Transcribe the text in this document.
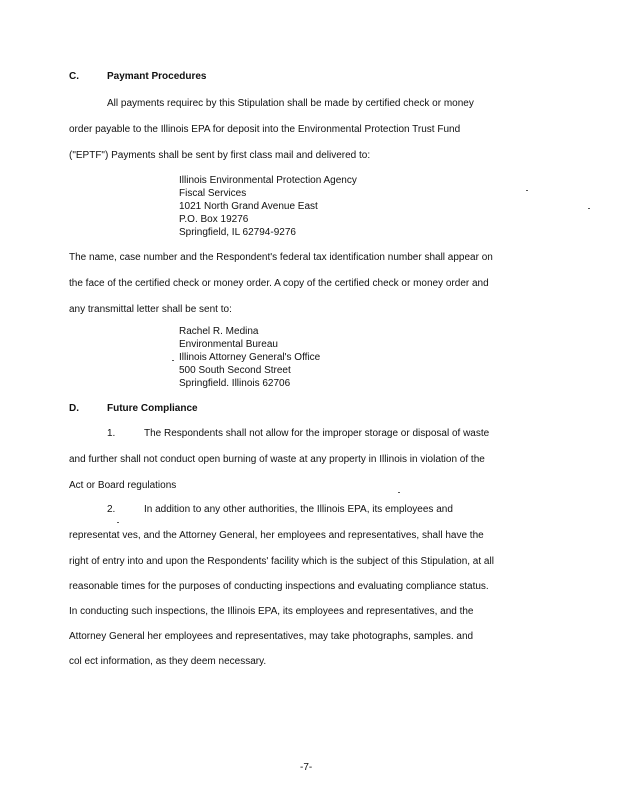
C.	Paymant Procedures
All payments requirec by this Stipulation shall be made by certified check or money
order payable to the Illinois EPA for deposit into the Environmental Protection Trust Fund
("EPTF") Payments shall be sent by first class mail and delivered to:
Illinois Environmental Protection Agency
Fiscal Services
1021 North Grand Avenue East
P.O. Box 19276
Springfield, IL 62794-9276
The name, case number and the Respondent's federal tax identification number shall appear on
the face of the certified check or money order. A copy of the certified check or money order and
any transmittal letter shall be sent to:
Rachel R. Medina
Environmental Bureau
Illinois Attorney General's Office
500 South Second Street
Springfield. Illinois 62706
D.	Future Compliance
1.	The Respondents shall not allow for the improper storage or disposal of waste
and further shall not conduct open burning of waste at any property in Illinois in violation of the
Act or Board regulations
2.	In addition to any other authorities, the Illinois EPA, its employees and
representat ves, and the Attorney General, her employees and representatives, shall have the
right of entry into and upon the Respondents' facility which is the subject of this Stipulation, at all
reasonable times for the purposes of conducting inspections and evaluating compliance status.
In conducting such inspections, the Illinois EPA, its employees and representatives, and the
Attorney General her employees and representatives, may take photographs, samples. and
col ect information, as they deem necessary.
-7-
